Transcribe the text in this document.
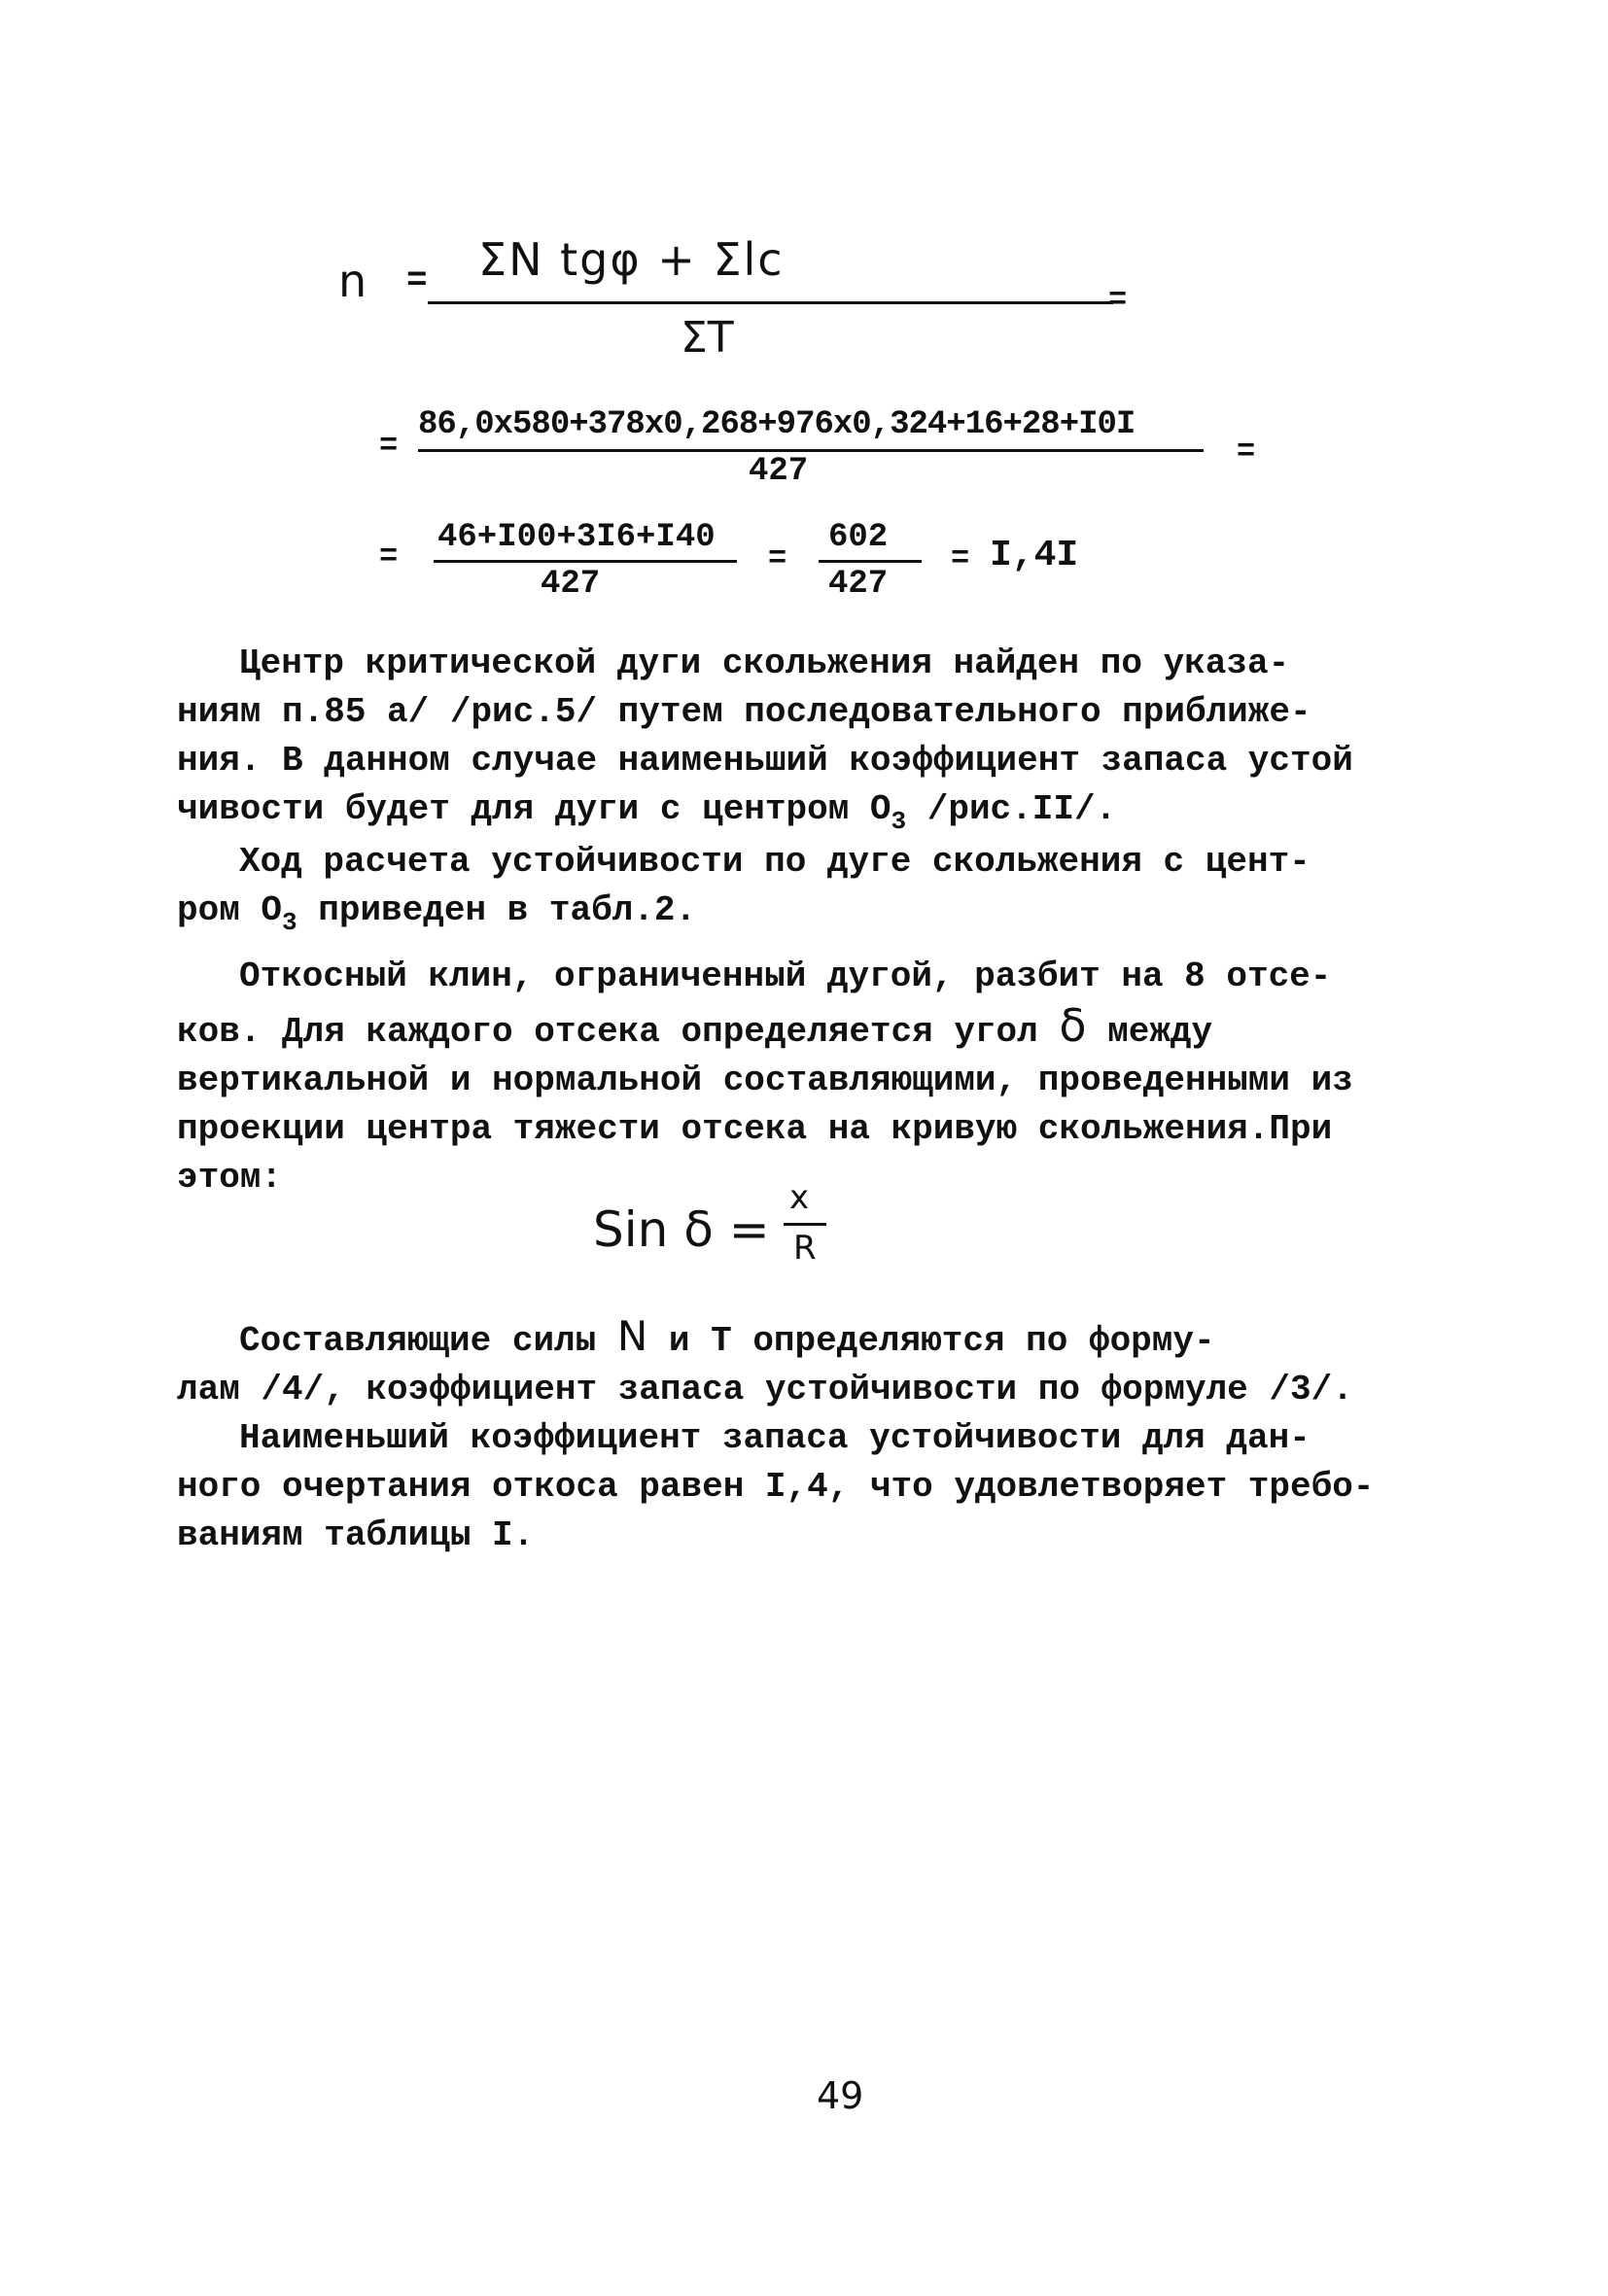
n = ΣN tgφ + Σlc
=
ΣT
=
86,0x580+378x0,268+976x0,324+16+28+I0I
=
427
=
46+I00+3I6+I40
427
=
602
427
= I,4I
Центр критической дуги скольжения найден по указа-
ниям п.85 а/ /рис.5/ путем последовательного приближе-
ния. В данном случае наименьший коэффициент запаса устой
чивости будет для дуги с центром $O_3$ /рис.II/.
Ход расчета устойчивости по дуге скольжения с цент-
ром $O_3$ приведен в табл.2.
Откосный клин, ограниченный дугой, разбит на 8 отсе-
ков. Для каждого отсека определяется угол δ между
вертикальной и нормальной составляющими, проведенными из
проекции центра тяжести отсека на кривую скольжения.При
этом:
Sin δ =
x
R
Составляющие силы N и Т определяются по форму-
лам /4/, коэффициент запаса устойчивости по формуле /3/.
Наименьший коэффициент запаса устойчивости для дан-
ного очертания откоса равен I,4, что удовлетворяет требо-
ваниям таблицы I.
49
